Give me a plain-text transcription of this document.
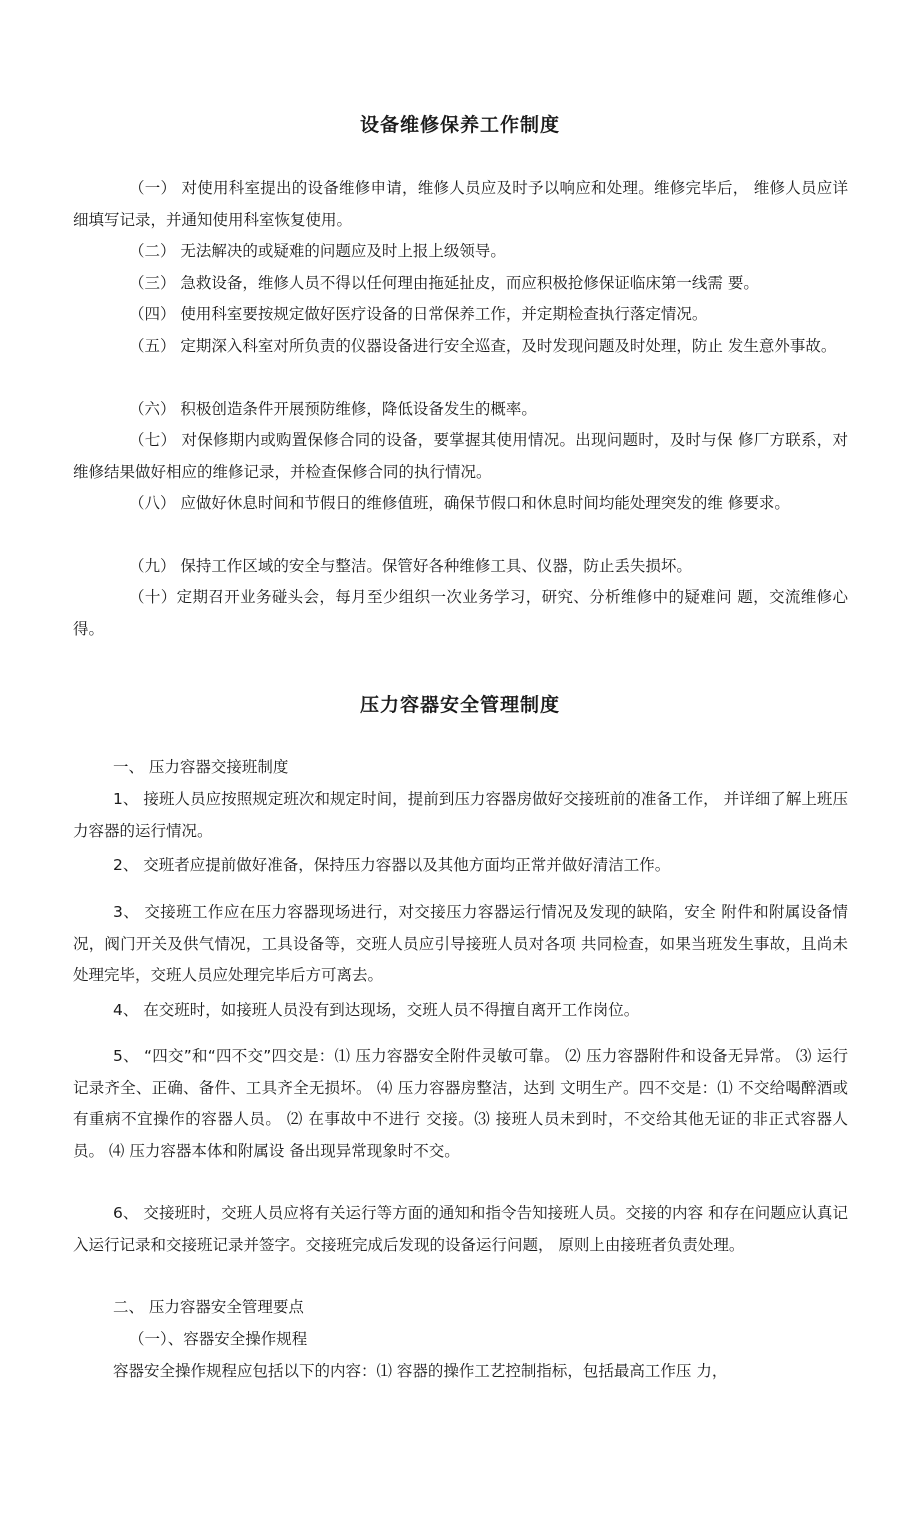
设备维修保养工作制度

（一） 对使用科室提出的设备维修申请，维修人员应及时予以响应和处理。维修完毕后， 维修人员应详细填写记录，并通知使用科室恢复使用。

（二） 无法解决的或疑难的问题应及时上报上级领导。

（三） 急救设备，维修人员不得以任何理由拖延扯皮，而应积极抢修保证临床第一线需 要。

（四） 使用科室要按规定做好医疗设备的日常保养工作，并定期检查执行落定情况。

（五） 定期深入科室对所负责的仪器设备进行安全巡查，及时发现问题及时处理，防止 发生意外事故。

（六） 积极创造条件开展预防维修，降低设备发生的概率。

（七） 对保修期内或购置保修合同的设备，要掌握其使用情况。出现问题时，及时与保 修厂方联系，对维修结果做好相应的维修记录，并检查保修合同的执行情况。

（八） 应做好休息时间和节假日的维修值班，确保节假口和休息时间均能处理突发的维 修要求。

（九） 保持工作区域的安全与整洁。保管好各种维修工具、仪器，防止丢失损坏。

（十）定期召开业务碰头会，每月至少组织一次业务学习，研究、分析维修中的疑难问 题，交流维修心得。

压力容器安全管理制度

一、 压力容器交接班制度

1、 接班人员应按照规定班次和规定时间，提前到压力容器房做好交接班前的准备工作， 并详细了解上班压力容器的运行情况。

2、 交班者应提前做好准备，保持压力容器以及其他方面均正常并做好清洁工作。

3、 交接班工作应在压力容器现场进行，对交接压力容器运行情况及发现的缺陷，安全 附件和附属设备情况，阀门开关及供气情况，工具设备等，交班人员应引导接班人员对各项 共同检查，如果当班发生事故，且尚未处理完毕，交班人员应处理完毕后方可离去。

4、 在交班时，如接班人员没有到达现场，交班人员不得擅自离开工作岗位。

5、 “四交”和“四不交”四交是：⑴ 压力容器安全附件灵敏可靠。 ⑵ 压力容器附件和设备无异常。 ⑶ 运行记录齐全、正确、备件、工具齐全无损坏。 ⑷ 压力容器房整洁，达到 文明生产。四不交是：⑴ 不交给喝醉酒或有重病不宜操作的容器人员。 ⑵ 在事故中不进行 交接。⑶ 接班人员未到时，不交给其他无证的非正式容器人员。 ⑷ 压力容器本体和附属设 备出现异常现象时不交。

6、 交接班时，交班人员应将有关运行等方面的通知和指令告知接班人员。交接的内容 和存在问题应认真记入运行记录和交接班记录并签字。交接班完成后发现的设备运行问题， 原则上由接班者负责处理。

二、 压力容器安全管理要点

（一）、容器安全操作规程

容器安全操作规程应包括以下的内容：⑴ 容器的操作工艺控制指标，包括最高工作压 力，
